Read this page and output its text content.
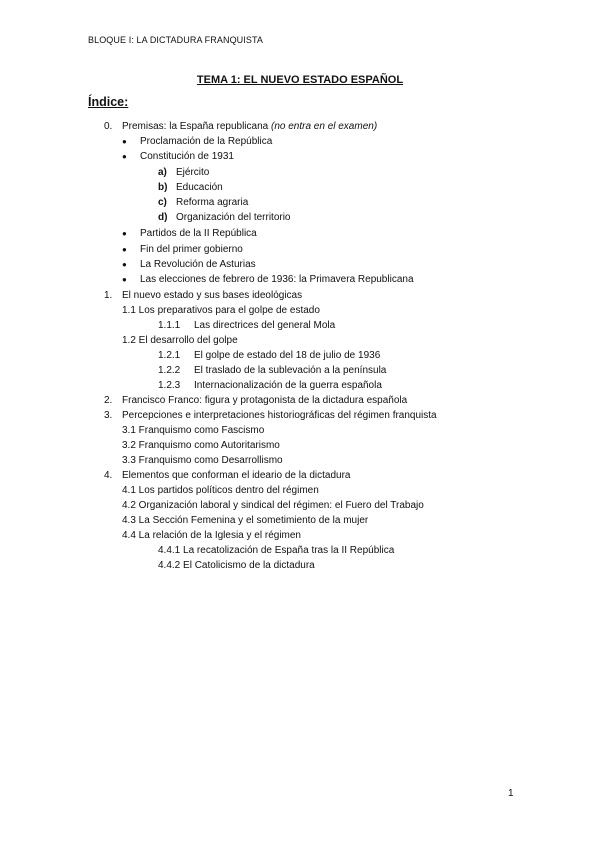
BLOQUE I: LA DICTADURA FRANQUISTA
TEMA 1: EL NUEVO ESTADO ESPAÑOL
Índice:
0. Premisas: la España republicana (no entra en el examen)
● Proclamación de la República
● Constitución de 1931
a) Ejército
b) Educación
c) Reforma agraria
d) Organización del territorio
● Partidos de la II República
● Fin del primer gobierno
● La Revolución de Asturias
● Las elecciones de febrero de 1936: la Primavera Republicana
1. El nuevo estado y sus bases ideológicas
1.1 Los preparativos para el golpe de estado
1.1.1 Las directrices del general Mola
1.2 El desarrollo del golpe
1.2.1 El golpe de estado del 18 de julio de 1936
1.2.2 El traslado de la sublevación a la península
1.2.3 Internacionalización de la guerra española
2. Francisco Franco: figura y protagonista de la dictadura española
3. Percepciones e interpretaciones historiográficas del régimen franquista
3.1 Franquismo como Fascismo
3.2 Franquismo como Autoritarismo
3.3 Franquismo como Desarrollismo
4. Elementos que conforman el ideario de la dictadura
4.1 Los partidos políticos dentro del régimen
4.2 Organización laboral y sindical del régimen: el Fuero del Trabajo
4.3 La Sección Femenina y el sometimiento de la mujer
4.4 La relación de la Iglesia y el régimen
4.4.1 La recatolización de España tras la II República
4.4.2 El Catolicismo de la dictadura
1
